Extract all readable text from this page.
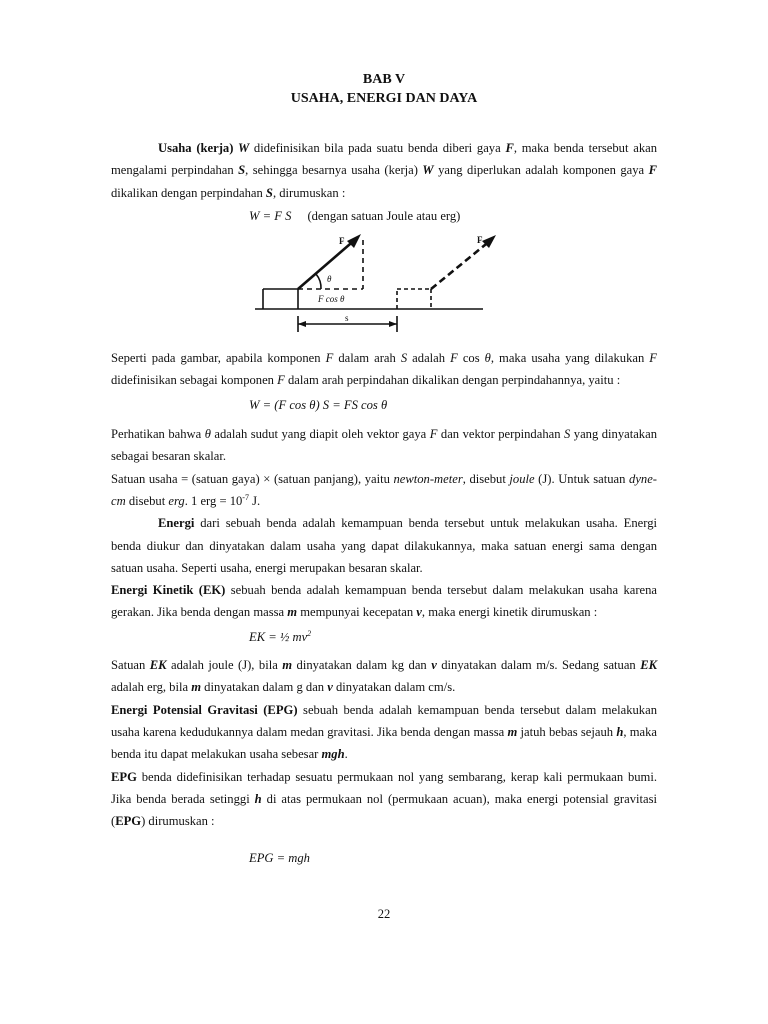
BAB V

USAHA, ENERGI DAN DAYA

Usaha (kerja) W didefinisikan bila pada suatu benda diberi gaya F, maka benda tersebut akan mengalami perpindahan S, sehingga besarnya usaha (kerja) W yang diperlukan adalah komponen gaya F dikalikan dengan perpindahan S, dirumuskan :

W = F S (dengan satuan Joule atau erg)

F	F
θ
F cos θ
s

Seperti pada gambar, apabila komponen F dalam arah S adalah F cos θ, maka usaha yang dilakukan F didefinisikan sebagai komponen F dalam arah perpindahan dikalikan dengan perpindahannya, yaitu :

W = (F cos θ) S = FS cos θ

Perhatikan bahwa θ adalah sudut yang diapit oleh vektor gaya F dan vektor perpindahan S yang dinyatakan sebagai besaran skalar.

Satuan usaha = (satuan gaya) × (satuan panjang), yaitu newton-meter, disebut joule (J). Untuk satuan dyne-cm disebut erg. 1 erg = $10^{-7}$ J.

Energi dari sebuah benda adalah kemampuan benda tersebut untuk melakukan usaha. Energi benda diukur dan dinyatakan dalam usaha yang dapat dilakukannya, maka satuan energi sama dengan satuan usaha. Seperti usaha, energi merupakan besaran skalar.

Energi Kinetik (EK) sebuah benda adalah kemampuan benda tersebut dalam melakukan usaha karena gerakan. Jika benda dengan massa m mempunyai kecepatan v, maka energi kinetik dirumuskan :

EK = ½ $mv^2$

Satuan EK adalah joule (J), bila m dinyatakan dalam kg dan v dinyatakan dalam m/s. Sedang satuan EK adalah erg, bila m dinyatakan dalam g dan v dinyatakan dalam cm/s.

Energi Potensial Gravitasi (EPG) sebuah benda adalah kemampuan benda tersebut dalam melakukan usaha karena kedudukannya dalam medan gravitasi. Jika benda dengan massa m jatuh bebas sejauh h, maka benda itu dapat melakukan usaha sebesar mgh.

EPG benda didefinisikan terhadap sesuatu permukaan nol yang sembarang, kerap kali permukaan bumi. Jika benda berada setinggi h di atas permukaan nol (permukaan acuan), maka energi potensial gravitasi (EPG) dirumuskan :

EPG = mgh

22
